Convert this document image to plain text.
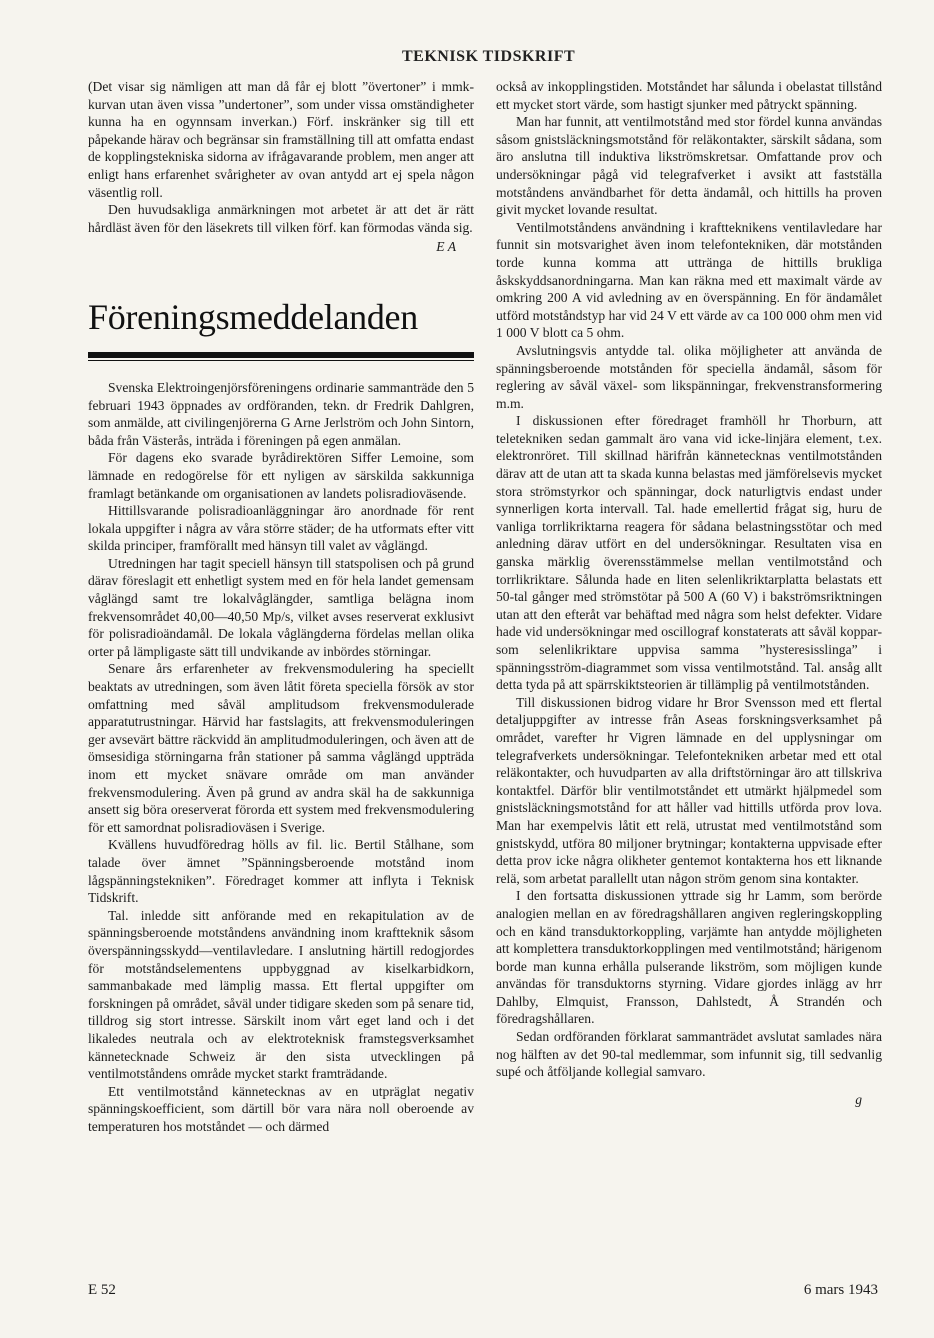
TEKNISK TIDSKRIFT

(Det visar sig nämligen att man då får ej blott ”övertoner” i mmk-kurvan utan även vissa ”undertoner”, som under vissa omständigheter kunna ha en ogynnsam inverkan.) Förf. inskränker sig till ett påpekande härav och begränsar sin framställning till att omfatta endast de kopplingstekniska sidorna av ifrågavarande problem, men anger att enligt hans erfarenhet svårigheter av ovan antydd art ej spela någon väsentlig roll.

Den huvudsakliga anmärkningen mot arbetet är att det är rätt hårdläst även för den läsekrets till vilken förf. kan förmodas vända sig.

E A
Föreningsmeddelanden

Svenska Elektroingenjörsföreningens ordinarie sammanträde den 5 februari 1943 öppnades av ordföranden, tekn. dr Fredrik Dahlgren, som anmälde, att civilingenjörerna G Arne Jerlström och John Sintorn, båda från Västerås, inträda i föreningen på egen anmälan.

För dagens eko svarade byrådirektören Siffer Lemoine, som lämnade en redogörelse för ett nyligen av särskilda sakkunniga framlagt betänkande om organisationen av landets polisradioväsende.

Hittillsvarande polisradioanläggningar äro anordnade för rent lokala uppgifter i några av våra större städer; de ha utformats efter vitt skilda principer, framförallt med hänsyn till valet av våglängd.

Utredningen har tagit speciell hänsyn till statspolisen och på grund därav föreslagit ett enhetligt system med en för hela landet gemensam våglängd samt tre lokalvåglängder, samtliga belägna inom frekvensområdet 40,00—40,50 Mp/s, vilket avses reserverat exklusivt för polisradioändamål. De lokala våglängderna fördelas mellan olika orter på lämpligaste sätt till undvikande av inbördes störningar.

Senare års erfarenheter av frekvensmodulering ha speciellt beaktats av utredningen, som även låtit företa speciella försök av stor omfattning med såväl amplitudsom frekvensmodulerade apparatutrustningar. Härvid har fastslagits, att frekvensmoduleringen ger avsevärt bättre räckvidd än amplitudmoduleringen, och även att de ömsesidiga störningarna från stationer på samma våglängd uppträda inom ett mycket snävare område om man använder frekvensmodulering. Även på grund av andra skäl ha de sakkunniga ansett sig böra oreserverat förorda ett system med frekvensmodulering för ett samordnat polisradioväsen i Sverige.

Kvällens huvudföredrag hölls av fil. lic. Bertil Stålhane, som talade över ämnet ”Spänningsberoende motstånd inom lågspänningstekniken”. Föredraget kommer att inflyta i Teknisk Tidskrift.

Tal. inledde sitt anförande med en rekapitulation av de spänningsberoende motståndens användning inom kraftteknik såsom överspänningsskydd—ventilavledare. I anslutning härtill redogjordes för motståndselementens uppbyggnad av kiselkarbidkorn, sammanbakade med lämplig massa. Ett flertal uppgifter om forskningen på området, såväl under tidigare skeden som på senare tid, tilldrog sig stort intresse. Särskilt inom vårt eget land och i det likaledes neutrala och av elektroteknisk framstegsverksamhet kännetecknade Schweiz är den sista utvecklingen på ventilmotståndens område mycket starkt framträdande.

Ett ventilmotstånd kännetecknas av en utpräglat negativ spänningskoefficient, som därtill bör vara nära noll oberoende av temperaturen hos motståndet — och därmed

också av inkopplingstiden. Motståndet har sålunda i obelastat tillstånd ett mycket stort värde, som hastigt sjunker med påtryckt spänning.

Man har funnit, att ventilmotstånd med stor fördel kunna användas såsom gnistsläckningsmotstånd för reläkontakter, särskilt sådana, som äro anslutna till induktiva likströmskretsar. Omfattande prov och undersökningar pågå vid telegrafverket i avsikt att fastställa motståndens användbarhet för detta ändamål, och hittills ha proven givit mycket lovande resultat.

Ventilmotståndens användning i kraftteknikens ventilavledare har funnit sin motsvarighet även inom telefontekniken, där motstånden torde kunna komma att uttränga de hittills brukliga åskskyddsanordningarna. Man kan räkna med ett maximalt värde av omkring 200 A vid avledning av en överspänning. En för ändamålet utförd motståndstyp har vid 24 V ett värde av ca 100 000 ohm men vid 1 000 V blott ca 5 ohm.

Avslutningsvis antydde tal. olika möjligheter att använda de spänningsberoende motstånden för speciella ändamål, såsom för reglering av såväl växel- som likspänningar, frekvenstransformering m.m.

I diskussionen efter föredraget framhöll hr Thorburn, att teletekniken sedan gammalt äro vana vid icke-linjära element, t.ex. elektronröret. Till skillnad härifrån kännetecknas ventilmotstånden därav att de utan att ta skada kunna belastas med jämförelsevis mycket stora strömstyrkor och spänningar, dock naturligtvis endast under synnerligen korta intervall. Tal. hade emellertid frågat sig, huru de vanliga torrlikriktarna reagera för sådana belastningsstötar och med anledning därav utfört en del undersökningar. Resultaten visa en ganska märklig överensstämmelse mellan ventilmotstånd och torrlikriktare. Sålunda hade en liten selenlikriktarplatta belastats ett 50-tal gånger med strömstötar på 500 A (60 V) i bakströmsriktningen utan att den efteråt var behäftad med några som helst defekter. Vidare hade vid undersökningar med oscillograf konstaterats att såväl koppar- som selenlikriktare uppvisa samma ”hysteresisslinga” i spänningsström-diagrammet som vissa ventilmotstånd. Tal. ansåg allt detta tyda på att spärrskiktsteorien är tillämplig på ventilmotstånden.

Till diskussionen bidrog vidare hr Bror Svensson med ett flertal detaljuppgifter av intresse från Aseas forskningsverksamhet på området, varefter hr Vigren lämnade en del upplysningar om telegrafverkets undersökningar. Telefontekniken arbetar med ett otal reläkontakter, och huvudparten av alla driftstörningar äro att tillskriva kontaktfel. Därför blir ventilmotståndet ett utmärkt hjälpmedel som gnistsläckningsmotstånd for att håller vad hittills utförda prov lova. Man har exempelvis låtit ett relä, utrustat med ventilmotstånd som gnistskydd, utföra 80 miljoner brytningar; kontakterna uppvisade efter detta prov icke några olikheter gentemot kontakterna hos ett liknande relä, som arbetat parallellt utan någon ström genom sina kontakter.

I den fortsatta diskussionen yttrade sig hr Lamm, som berörde analogien mellan en av föredragshållaren angiven regleringskoppling och en känd transduktorkoppling, varjämte han antydde möjligheten att komplettera transduktorkopplingen med ventilmotstånd; härigenom borde man kunna erhålla pulserande likström, som möjligen kunde användas för transduktorns styrning. Vidare gjordes inlägg av hrr Dahlby, Elmquist, Fransson, Dahlstedt, Å Strandén och föredragshållaren.

Sedan ordföranden förklarat sammanträdet avslutat samlades nära nog hälften av det 90-tal medlemmar, som infunnit sig, till sedvanlig supé och åtföljande kollegial samvaro.

g
E 52	6 mars 1943
